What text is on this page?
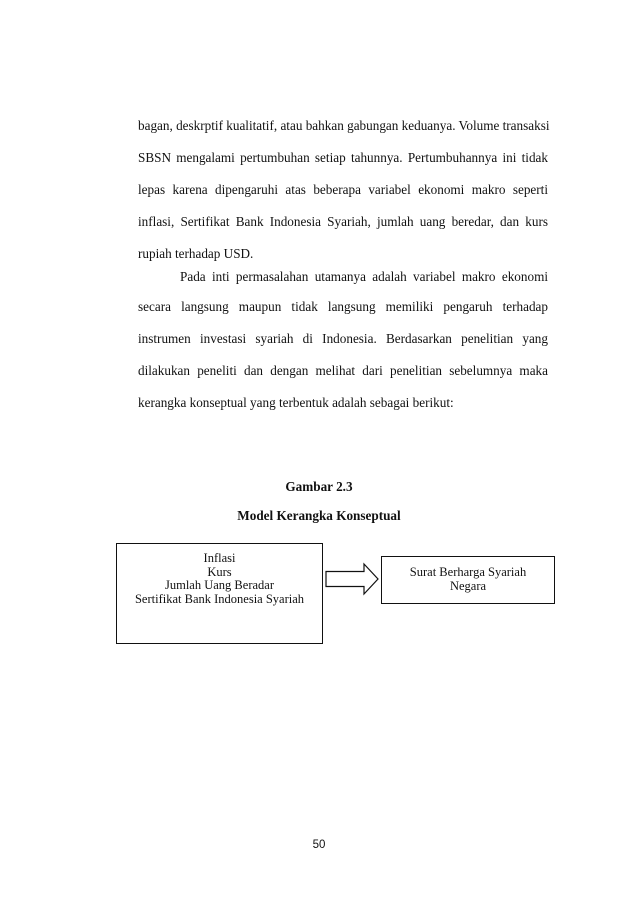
bagan, deskrptif kualitatif, atau bahkan gabungan keduanya. Volume transaksi
SBSN mengalami pertumbuhan setiap tahunnya. Pertumbuhannya ini tidak
lepas karena dipengaruhi atas beberapa variabel ekonomi makro seperti
inflasi, Sertifikat Bank Indonesia Syariah, jumlah uang beredar, dan kurs
rupiah terhadap USD.
Pada inti permasalahan utamanya adalah variabel makro ekonomi
secara langsung maupun tidak langsung memiliki pengaruh terhadap
instrumen investasi syariah di Indonesia. Berdasarkan penelitian yang
dilakukan peneliti dan dengan melihat dari penelitian sebelumnya maka
kerangka konseptual yang terbentuk adalah sebagai berikut:
Gambar 2.3
Model Kerangka Konseptual
Inflasi
Kurs
Jumlah Uang Beradar
Sertifikat Bank Indonesia Syariah
Surat Berharga Syariah
Negara
50
